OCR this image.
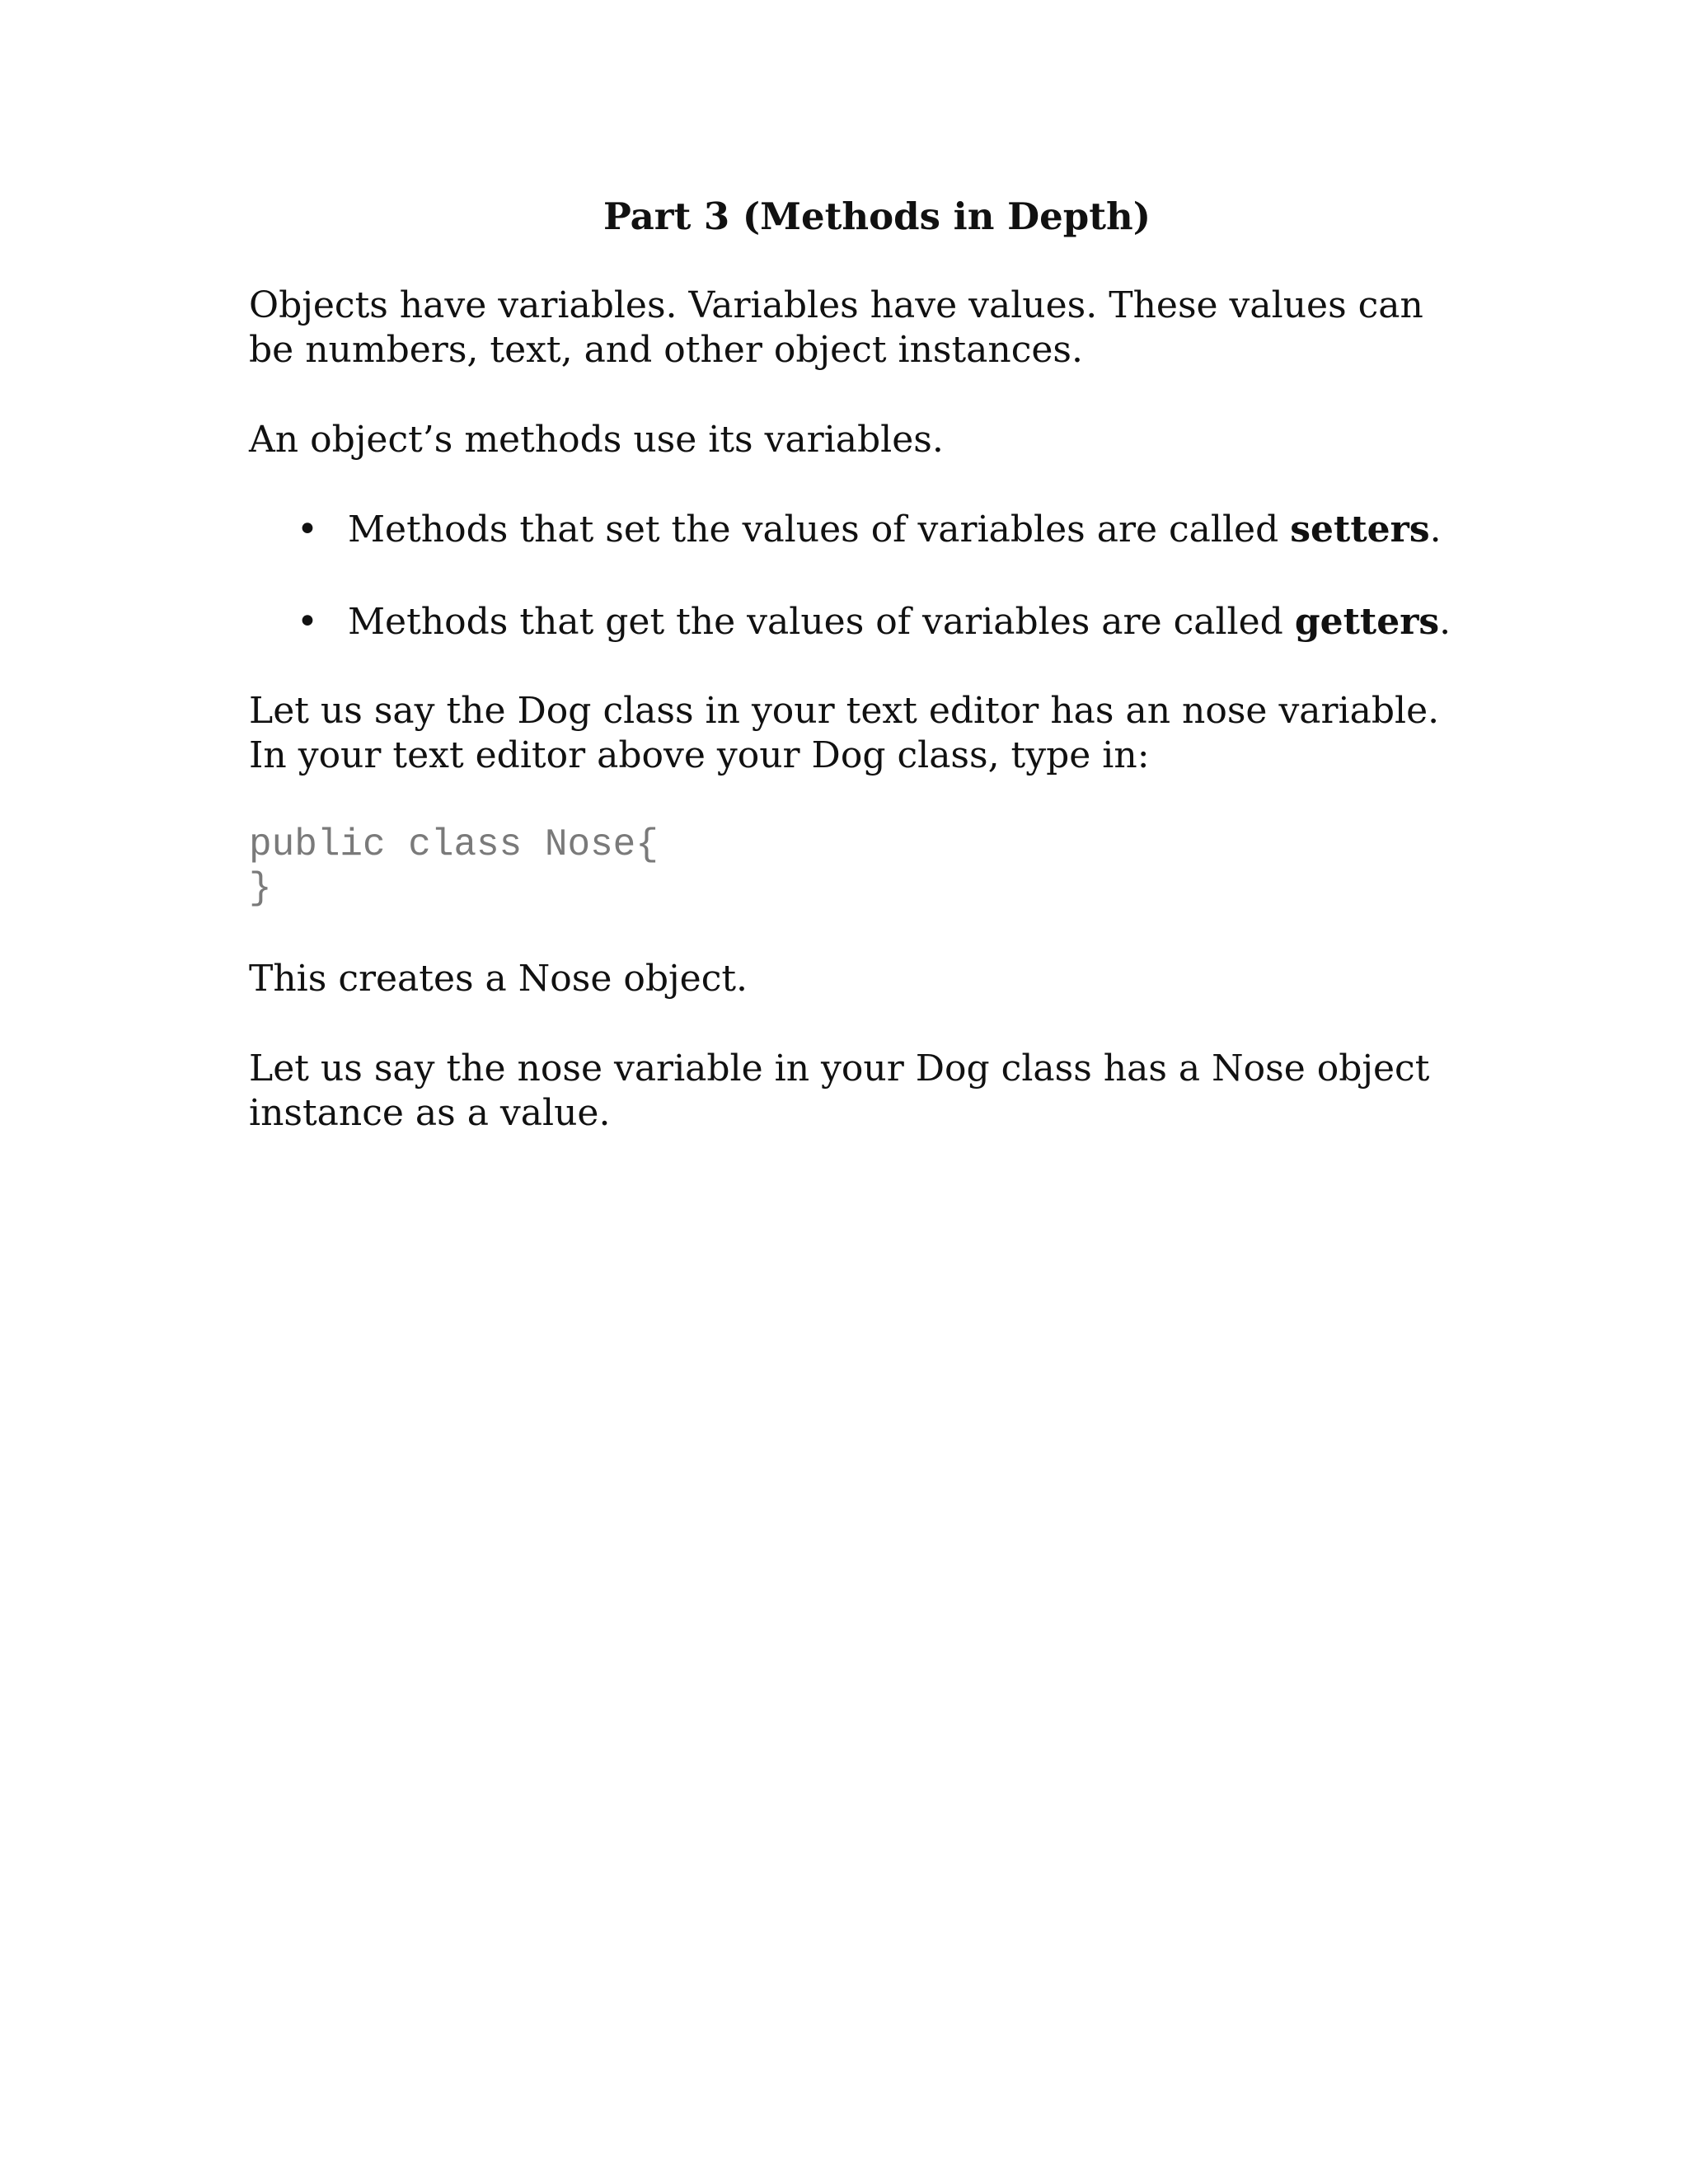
Part 3 (Methods in Depth)

Objects have variables. Variables have values. These values can be numbers, text, and other object instances.

An object’s methods use its variables.

• Methods that set the values of variables are called setters.
• Methods that get the values of variables are called getters.

Let us say the Dog class in your text editor has an nose variable. In your text editor above your Dog class, type in:

public class Nose{
}

This creates a Nose object.

Let us say the nose variable in your Dog class has a Nose object instance as a value.
